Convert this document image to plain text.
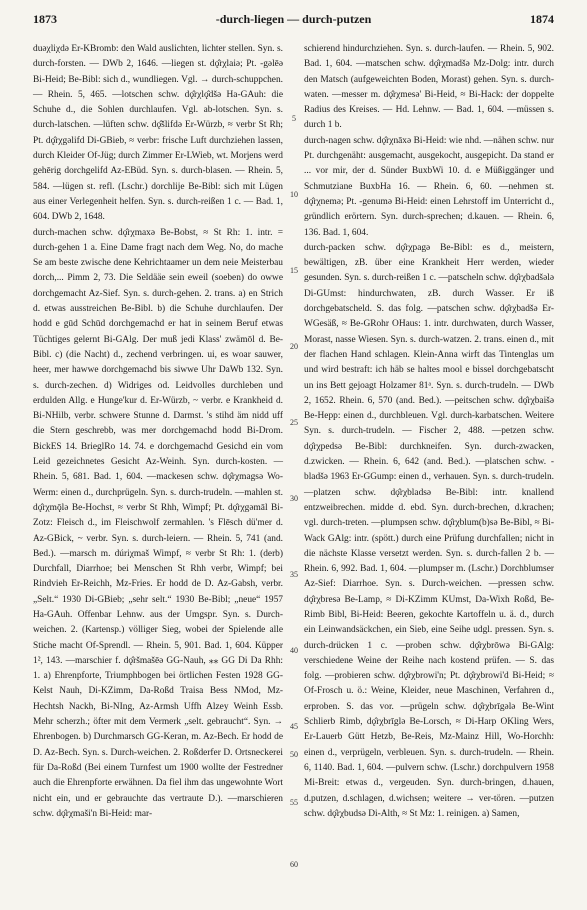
1873	-durch-liegen — durch-putzen	1874

duəχliχdə Er-KBromb: den Wald auslichten, lichter stellen. Syn. s. durch-forsten. — DWb 2, 1646. —liegen st. dǫ̂rχlaiə; Pt. -gəlēə Bi-Heid; Be-Bibl: sich d., wundliegen. Vgl. → durch-schuppchen. — Rhein. 5, 465. —lotschen schw. dǫ̂rχlǫ̂dšə Ha-GAuh: die Schuhe d., die Sohlen durchlaufen. Vgl. ab-lotschen. Syn. s. durch-latschen. —lüften schw. dǫ̂šlifdə Er-Würzb, ≈ verbr St Rh; Pt. dǫ̂rχgəlifd Di-GBieb, ≈ verbr: frische Luft durchziehen lassen, durch Kleider Of-Jüg; durch Zimmer Er-LWieb, wt. Morjens werd gehērig dorchgelifd Az-EBüd. Syn. s. durch-blasen. — Rhein. 5, 584. —lügen st. refl. (Lschr.) dorchlije Be-Bibl: sich mit Lügen aus einer Verlegenheit helfen. Syn. s. durch-reißen 1 c. — Bad. 1, 604. DWb 2, 1648.

durch-machen schw. dǫ̂rχmaxə Be-Bobst, ≈ St Rh: 1. intr. = durch-gehen 1 a. Eine Dame fragt nach dem Weg. No, do mache Se am beste zwische dene Kehrichtaamer un dem neie Meisterbau dorch,... Pimm 2, 73. Die Seldääe sein eweil (soeben) do owwe dorchgemacht Az-Sief. Syn. s. durch-gehen. 2. trans. a) en Strich d. etwas ausstreichen Be-Bibl. b) die Schuhe durchlaufen. Der hodd e gūd Schūd dorchgemachd er hat in seinem Beruf etwas Tüchtiges gelernt Bi-GAlg. Der muß jedi Klass' zwämōl d. Be-Bibl. c) (die Nacht) d., zechend verbringen. ui, es woar sauwer, heer, mer hawwe dorchgemachd bis siwwe Uhr DaWb 132. Syn. s. durch-zechen. d) Widriges od. Leidvolles durchleben und erdulden Allg. e Hunge'kur d. Er-Würzb, ~ verbr. e Krankheid d. Bi-NHilb, verbr. schwere Stunne d. Darmst. 's stihd äm nidd uff die Stern geschrebb, was mer dorchgemachd hodd Bi-Drom. BickES 14. BrieglRo 14. 74. e dorchgemachd Gesichd ein vom Leid gezeichnetes Gesicht Az-Weinh. Syn. durch-kosten. — Rhein. 5, 681. Bad. 1, 604. —mackesen schw. dǫ̂rχmagsə Wo-Werm: einen d., durchprügeln. Syn. s. durch-trudeln. —mahlen st. dǫ̂rχmǭlə Be-Hochst, ≈ verbr St Rhh, Wimpf; Pt. dǫ̂rχgəmāl Bi-Zotz: Fleisch d., im Fleischwolf zermahlen. 's Flēsch dü'mer d. Az-GBick, ~ verbr. Syn. s. durch-leiern. — Rhein. 5, 741 (and. Bed.). —marsch m. dúriχmaš Wimpf, ≈ verbr St Rh: 1. (derb) Durchfall, Diarrhoe; bei Menschen St Rhh verbr, Wimpf; bei Rindvieh Er-Reichh, Mz-Fries. Er hodd de D. Az-Gabsh, verbr. „Selt.“ 1930 Di-GBieb; „sehr selt.“ 1930 Be-Bibl; „neue“ 1957 Ha-GAuh. Offenbar Lehnw. aus der Umgspr. Syn. s. Durch-weichen. 2. (Kartensp.) völliger Sieg, wobei der Spielende alle Stiche macht Of-Sprendl. — Rhein. 5, 901. Bad. 1, 604. Küpper 1², 143. —marschier f. dǫ̂ršmašēə GG-Nauh, ⁎⁎ GG Di Da Rhh: 1. a) Ehrenpforte, Triumphbogen bei örtlichen Festen 1928 GG-Kelst Nauh, Di-KZimm, Da-Roßd Traisa Bess NMod, Mz-Hechtsh Nackh, Bi-NIng, Az-Armsh Uffh Alzey Weinh Essb. Mehr scherzh.; öfter mit dem Vermerk „selt. gebraucht“. Syn. → Ehrenbogen. b) Durchmarsch GG-Keran, m. Az-Bech. Er hodd de D. Az-Bech. Syn. s. Durch-weichen. 2. Roßderfer D. Ortsneckerei für Da-Roßd (Bei einem Turnfest um 1900 wollte der Festredner auch die Ehrenpforte erwähnen. Da fiel ihm das ungewohnte Wort nicht ein, und er gebrauchte das vertraute D.). —marschieren schw. dǫ̂rχmaši'n Bi-Heid: mar-

5
10
15
20
25
30
35
40
45
50
55
60

schierend hindurchziehen. Syn. s. durch-laufen. — Rhein. 5, 902. Bad. 1, 604. —matschen schw. dǫ̂rχmadšə Mz-Dolg: intr. durch den Matsch (aufgeweichten Boden, Morast) gehen. Syn. s. durch-waten. —messer m. dǫ̂rχmesə' Bi-Heid, ≈ Bi-Hack: der doppelte Radius des Kreises. — Hd. Lehnw. — Bad. 1, 604. —müssen s. durch 1 b.

durch-nagen schw. dǫ̂rχnāxə Bi-Heid: wie nhd. —nähen schw. nur Pt. durchgenäht: ausgemacht, ausgekocht, ausgepicht. Da stand er ... vor mir, der d. Sünder BuxbWi 10. d. e Müßiggänger und Schmutziane BuxbHa 16. — Rhein. 6, 60. —nehmen st. dǫ̂rχnemə; Pt. -genumə Bi-Heid: einen Lehrstoff im Unterricht d., gründlich erörtern. Syn. durch-sprechen; d.kauen. — Rhein. 6, 136. Bad. 1, 604.

durch-packen schw. dǫ̂rχpagə Be-Bibl: es d., meistern, bewältigen, zB. über eine Krankheit Herr werden, wieder gesunden. Syn. s. durch-reißen 1 c. —patscheln schw. dǫ̂rχbadšələ Di-GUmst: hindurchwaten, zB. durch Wasser. Er iß dorchgebatscheld. S. das folg. —patschen schw. dǫ̂rχbadšə Er-WGesäß, ≈ Be-GRohr OHaus: 1. intr. durchwaten, durch Wasser, Morast, nasse Wiesen. Syn. s. durch-watzen. 2. trans. einen d., mit der flachen Hand schlagen. Klein-Anna wirft das Tintenglas um und wird bestraft: ich häb se haltes mool e bissel dorchgebatscht un ins Bett gejoagt Holzamer 81ᵃ. Syn. s. durch-trudeln. — DWb 2, 1652. Rhein. 6, 570 (and. Bed.). —peitschen schw. dǫ̂rχbaišə Be-Hepp: einen d., durchbleuen. Vgl. durch-karbatschen. Weitere Syn. s. durch-trudeln. — Fischer 2, 488. —petzen schw. dǫ̂rχpedsə Be-Bibl: durchkneifen. Syn. durch-zwacken, d.zwicken. — Rhein. 6, 642 (and. Bed.). —platschen schw. -bladšə 1963 Er-GGump: einen d., verhauen. Syn. s. durch-trudeln. —platzen schw. dǫ̂rχbladsə Be-Bibl: intr. knallend entzweibrechen. midde d. ebd. Syn. durch-brechen, d.krachen; vgl. durch-treten. —plumpsen schw. dǫ̂rχblum(b)sə Be-Bibl, ≈ Bi-Wack GAlg: intr. (spött.) durch eine Prüfung durchfallen; nicht in die nächste Klasse versetzt werden. Syn. s. durch-fallen 2 b. — Rhein. 6, 992. Bad. 1, 604. —plumpser m. (Lschr.) Dorchblumser Az-Sief: Diarrhoe. Syn. s. Durch-weichen. —pressen schw. dǫ̂rχbresə Be-Lamp, ≈ Di-KZimm KUmst, Da-Wixh Roßd, Be-Rimb Bibl, Bi-Heid: Beeren, gekochte Kartoffeln u. ä. d., durch ein Leinwandsäckchen, ein Sieb, eine Seihe udgl. pressen. Syn. s. durch-drücken 1 c. —proben schw. dǫ̂rχbrōwə Bi-GAlg: verschiedene Weine der Reihe nach kostend prüfen. — S. das folg. —probieren schw. dǫ̂rχbrowi'n; Pt. dǫ̂rχbrowi'd Bi-Heid; ≈ Of-Frosch u. ö.: Weine, Kleider, neue Maschinen, Verfahren d., erproben. S. das vor. —prügeln schw. dǫ̂rχbrīgələ Be-Wint Schlierb Rimb, dǫ̂rχbrīglə Be-Lorsch, ≈ Di-Harp OKling Wers, Er-Lauerb Gütt Hetzb, Be-Reis, Mz-Mainz Hill, Wo-Horchh: einen d., verprügeln, verbleuen. Syn. s. durch-trudeln. — Rhein. 6, 1140. Bad. 1, 604. —pulvern schw. (Lschr.) dorchpulvern 1958 Mi-Breit: etwas d., vergeuden. Syn. durch-bringen, d.hauen, d.putzen, d.schlagen, d.wichsen; weitere → ver-tören. —putzen schw. dǫ̂rχbudsə Di-Alth, ≈ St Mz: 1. reinigen. a) Samen,
